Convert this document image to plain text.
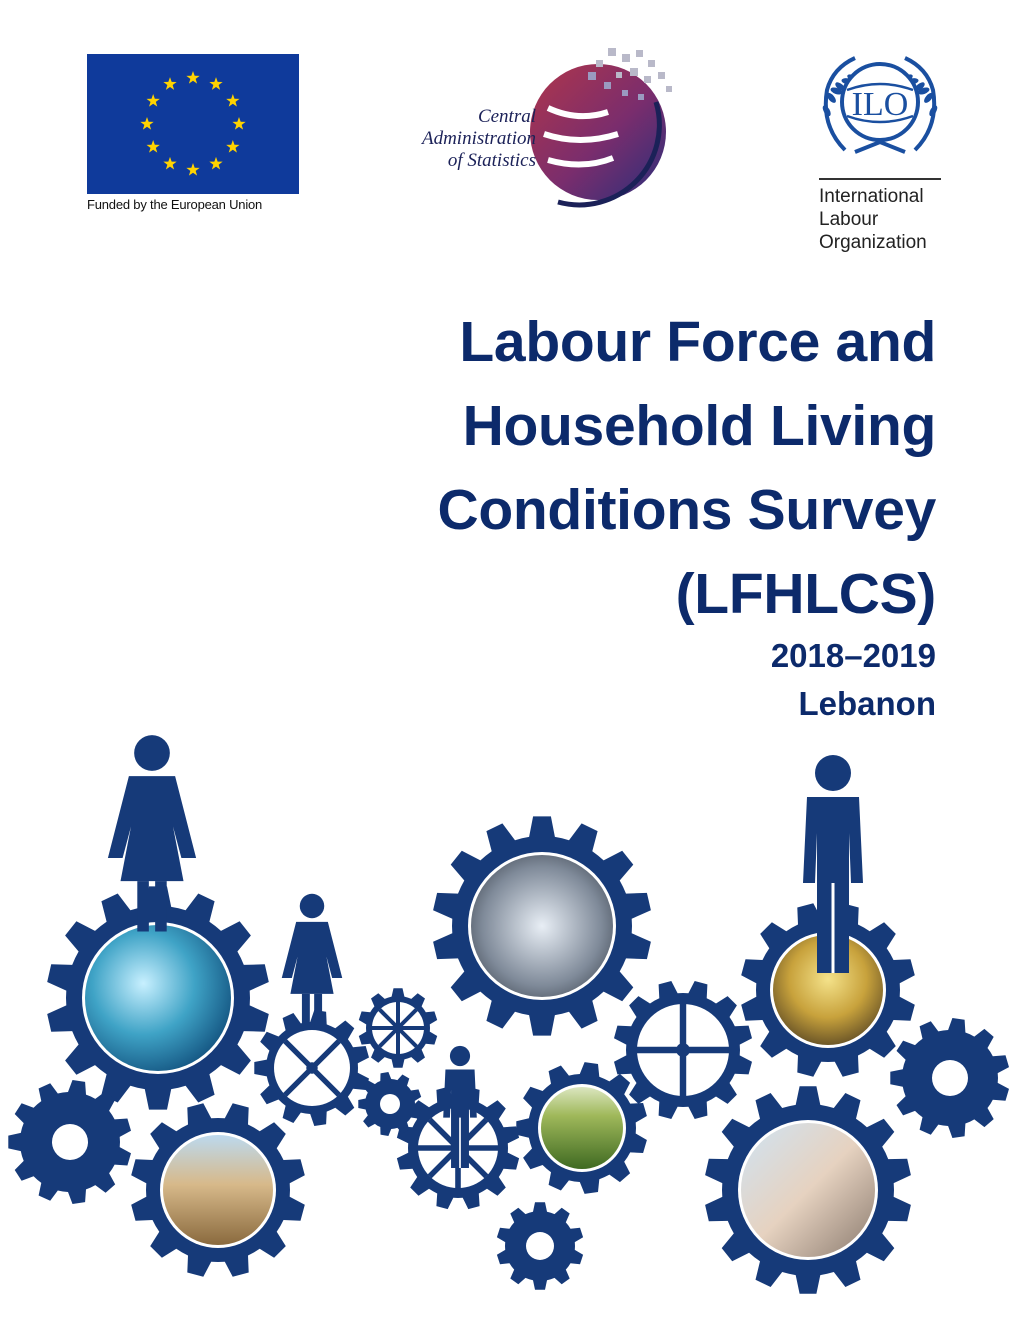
Funded by the European Union
Central
Administration
of Statistics
ILO
International
Labour
Organization
Labour Force and
Household Living
Conditions Survey
(LFHLCS)
2018–2019
Lebanon
